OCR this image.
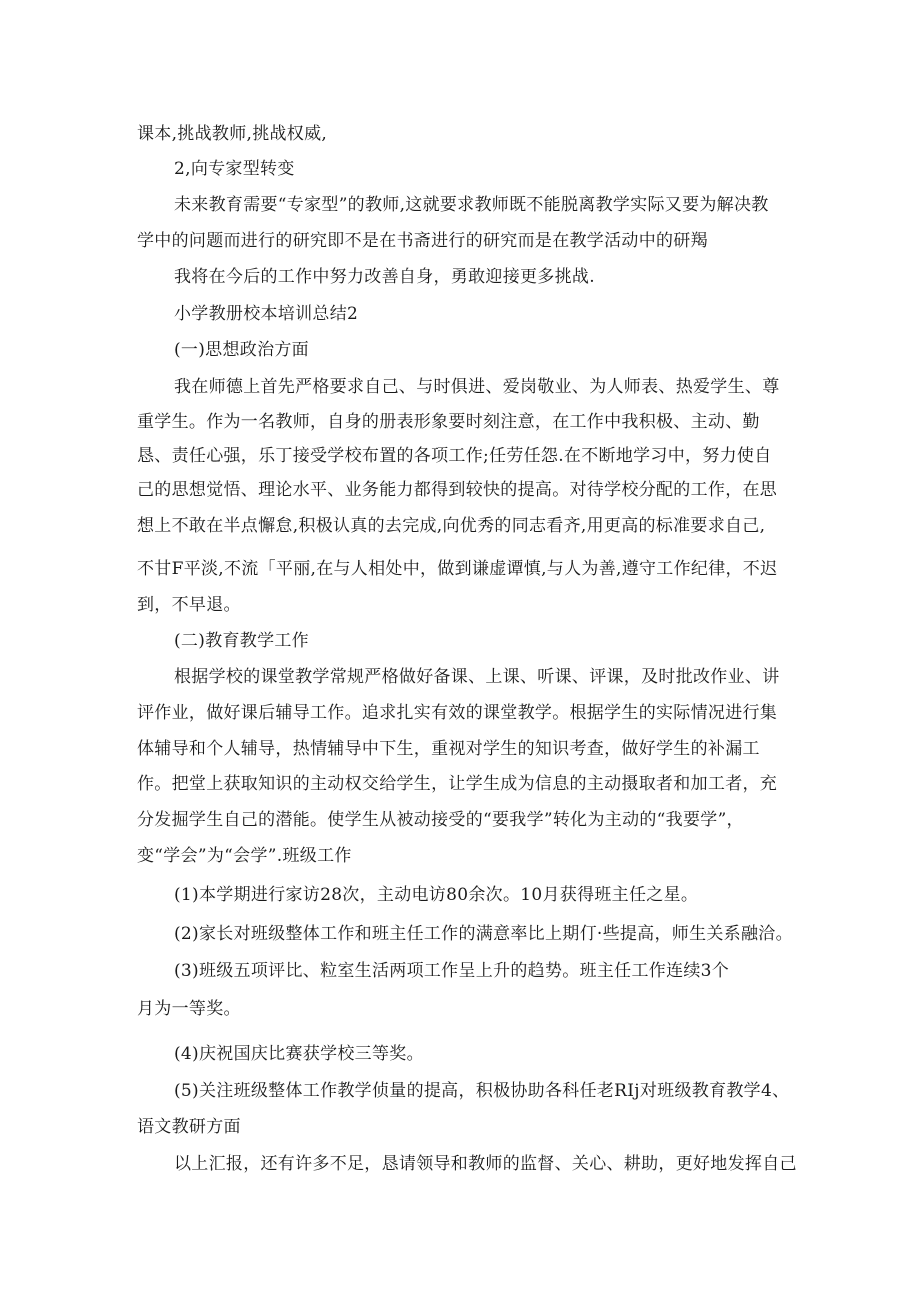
课本,挑战教师,挑战权威,

2,向专家型转变

未来教育需要“专家型”的教师,这就要求教师既不能脱离教学实际又要为解决教

学中的问题而进行的研究即不是在书斋进行的研究而是在教学活动中的研羯

我将在今后的工作中努力改善自身，勇敢迎接更多挑战.

小学教册校本培训总结2

(一)思想政治方面

我在师德上首先严格要求自己、与时俱进、爱岗敬业、为人师表、热爱学生、尊

重学生。作为一名教师，自身的册表形象要时刻注意，在工作中我积极、主动、勤

恳、责任心强，乐丁接受学校布置的各项工作;任劳任怨.在不断地学习中，努力使自

己的思想觉悟、理论水平、业务能力都得到较快的提高。对待学校分配的工作，在思

想上不敢在半点懈怠,积极认真的去完成,向优秀的同志看齐,用更高的标准要求自己,

不甘F平淡,不流「平丽,在与人相处中，做到谦虚谭慎,与人为善,遵守工作纪律，不迟

到，不早退。

(二)教育教学工作

根据学校的课堂教学常规严格做好备课、上课、听课、评课，及时批改作业、讲

评作业，做好课后辅导工作。追求扎实有效的课堂教学。根据学生的实际情况进行集

体辅导和个人辅导，热情辅导中下生，重视对学生的知识考查，做好学生的补漏工

作。把堂上获取知识的主动权交给学生，让学生成为信息的主动摄取者和加工者，充

分发掘学生自己的潜能。使学生从被动接受的“要我学”转化为主动的“我要学”，

变“学会”为“会学”.班级工作

(1)本学期进行家访28次，主动电访80余次。10月获得班主任之星。

(2)家长对班级整体工作和班主任工作的满意率比上期仃·些提高，师生关系融洽。

(3)班级五项评比、粒室生活两项工作呈上升的趋势。班主任工作连续3个

月为一等奖。

(4)庆祝国庆比赛获学校三等奖。

(5)关注班级整体工作教学侦量的提高，积极协助各科任老RIj对班级教育教学4、

语文教研方面

以上汇报，还有许多不足，恳请领导和教师的监督、关心、耕助，更好地发挥自己
